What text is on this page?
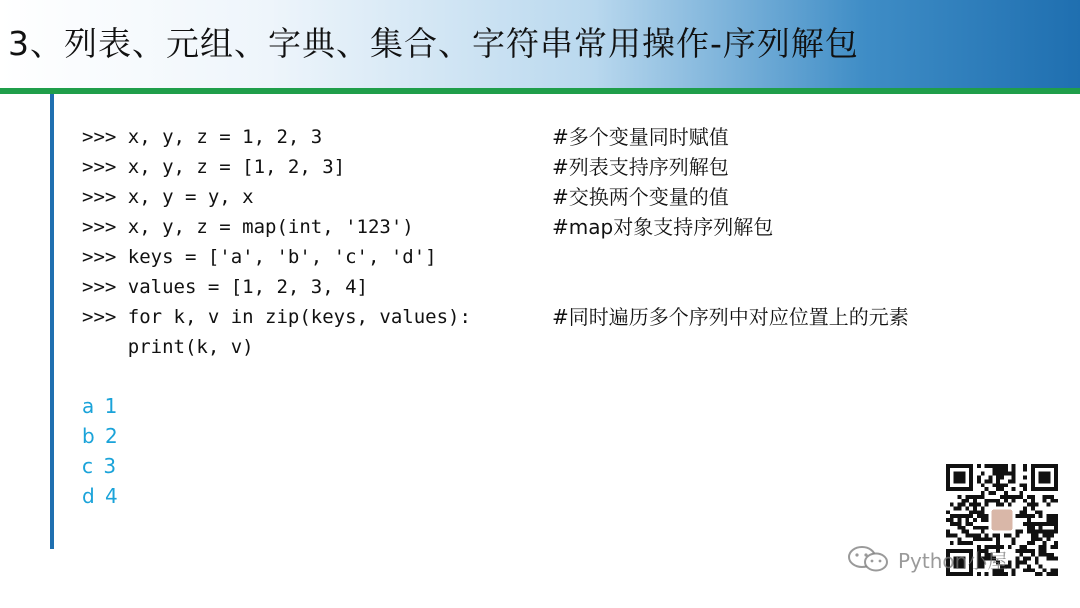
3、列表、元组、字典、集合、字符串常用操作-序列解包

>>> x, y, z = 1, 2, 3

	#多个变量同时赋值

>>> x, y, z = [1, 2, 3]

	#列表支持序列解包

>>> x, y = y, x

	#交换两个变量的值

>>> x, y, z = map(int, '123')

	#map对象支持序列解包

>>> keys = ['a', 'b', 'c', 'd']

>>> values = [1, 2, 3, 4]

>>> for k, v in zip(keys, values):

	#同时遍历多个序列中对应位置上的元素

print(k, v)

a 1
b 2
c 3
d 4
Python小屋
